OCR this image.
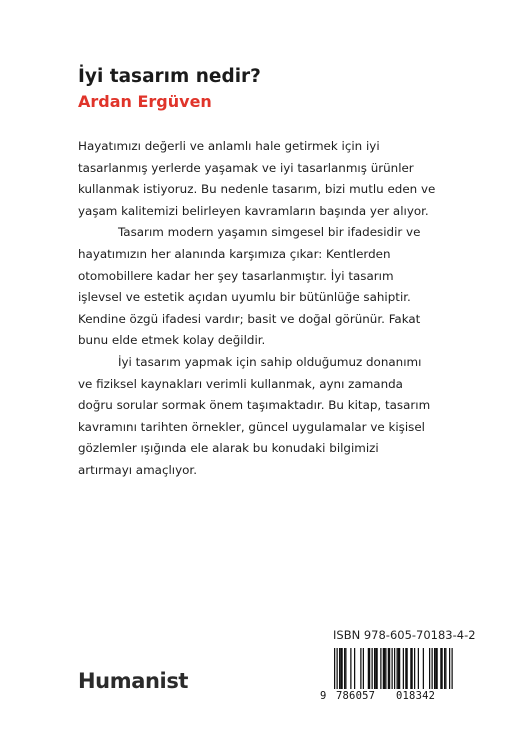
İyi tasarım nedir?
Ardan Ergüven
Hayatımızı değerli ve anlamlı hale getirmek için iyi
tasarlanmış yerlerde yaşamak ve iyi tasarlanmış ürünler
kullanmak istiyoruz. Bu nedenle tasarım, bizi mutlu eden ve
yaşam kalitemizi belirleyen kavramların başında yer alıyor.
Tasarım modern yaşamın simgesel bir ifadesidir ve
hayatımızın her alanında karşımıza çıkar: Kentlerden
otomobillere kadar her şey tasarlanmıştır. İyi tasarım
işlevsel ve estetik açıdan uyumlu bir bütünlüğe sahiptir.
Kendine özgü ifadesi vardır; basit ve doğal görünür. Fakat
bunu elde etmek kolay değildir.
İyi tasarım yapmak için sahip olduğumuz donanımı
ve fiziksel kaynakları verimli kullanmak, aynı zamanda
doğru sorular sormak önem taşımaktadır. Bu kitap, tasarım
kavramını tarihten örnekler, güncel uygulamalar ve kişisel
gözlemler ışığında ele alarak bu konudaki bilgimizi
artırmayı amaçlıyor.
Humanist
ISBN 978-605-70183-4-2
9 786057 018342
